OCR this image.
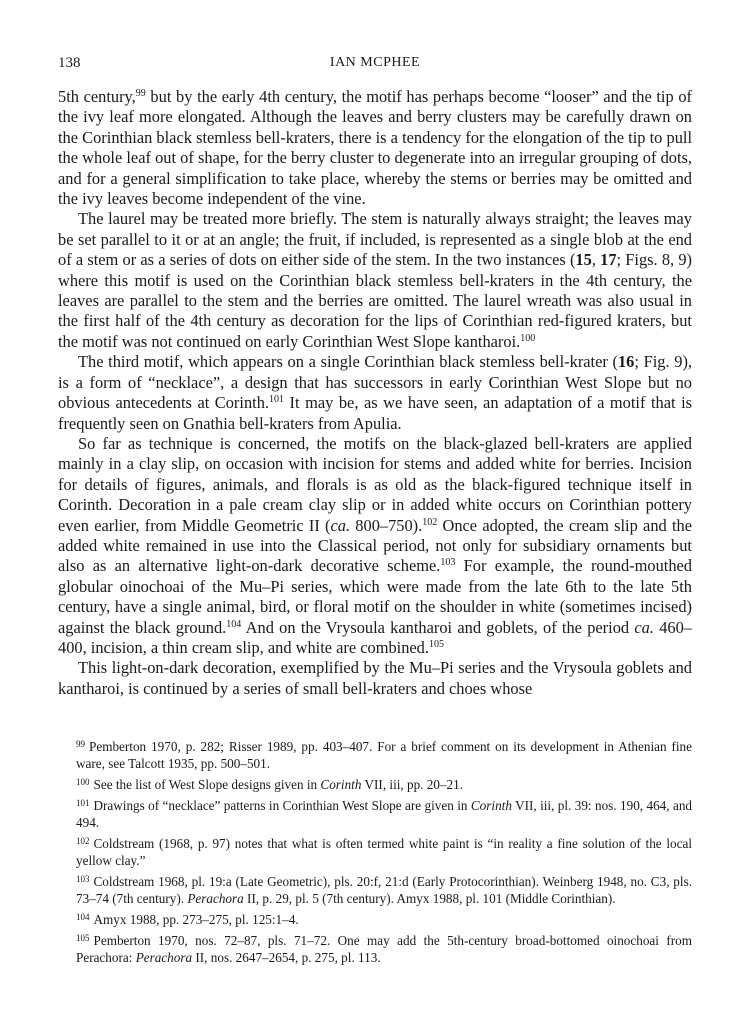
138	IAN MCPHEE

5th century,$^{99}$ but by the early 4th century, the motif has perhaps become “looser” and the tip of the ivy leaf more elongated. Although the leaves and berry clusters may be carefully drawn on the Corinthian black stemless bell-kraters, there is a tendency for the elongation of the tip to pull the whole leaf out of shape, for the berry cluster to degenerate into an irregular grouping of dots, and for a general simplification to take place, whereby the stems or berries may be omitted and the ivy leaves become independent of the vine.

The laurel may be treated more briefly. The stem is naturally always straight; the leaves may be set parallel to it or at an angle; the fruit, if included, is represented as a single blob at the end of a stem or as a series of dots on either side of the stem. In the two instances (15, 17; Figs. 8, 9) where this motif is used on the Corinthian black stemless bell-kraters in the 4th century, the leaves are parallel to the stem and the berries are omitted. The laurel wreath was also usual in the first half of the 4th century as decoration for the lips of Corinthian red-figured kraters, but the motif was not continued on early Corinthian West Slope kantharoi.$^{100}$

The third motif, which appears on a single Corinthian black stemless bell-krater (16; Fig. 9), is a form of “necklace”, a design that has successors in early Corinthian West Slope but no obvious antecedents at Corinth.$^{101}$ It may be, as we have seen, an adaptation of a motif that is frequently seen on Gnathia bell-kraters from Apulia.

So far as technique is concerned, the motifs on the black-glazed bell-kraters are applied mainly in a clay slip, on occasion with incision for stems and added white for berries. Incision for details of figures, animals, and florals is as old as the black-figured technique itself in Corinth. Decoration in a pale cream clay slip or in added white occurs on Corinthian pottery even earlier, from Middle Geometric II (ca. 800–750).$^{102}$ Once adopted, the cream slip and the added white remained in use into the Classical period, not only for subsidiary ornaments but also as an alternative light-on-dark decorative scheme.$^{103}$ For example, the round-mouthed globular oinochoai of the Mu–Pi series, which were made from the late 6th to the late 5th century, have a single animal, bird, or floral motif on the shoulder in white (sometimes incised) against the black ground.$^{104}$ And on the Vrysoula kantharoi and goblets, of the period ca. 460–400, incision, a thin cream slip, and white are combined.$^{105}$

This light-on-dark decoration, exemplified by the Mu–Pi series and the Vrysoula goblets and kantharoi, is continued by a series of small bell-kraters and choes whose

$^{99}$ Pemberton 1970, p. 282; Risser 1989, pp. 403–407. For a brief comment on its development in Athenian fine ware, see Talcott 1935, pp. 500–501.

$^{100}$ See the list of West Slope designs given in Corinth VII, iii, pp. 20–21.

$^{101}$ Drawings of “necklace” patterns in Corinthian West Slope are given in Corinth VII, iii, pl. 39: nos. 190, 464, and 494.

$^{102}$ Coldstream (1968, p. 97) notes that what is often termed white paint is “in reality a fine solution of the local yellow clay.”

$^{103}$ Coldstream 1968, pl. 19:a (Late Geometric), pls. 20:f, 21:d (Early Protocorinthian). Weinberg 1948, no. C3, pls. 73–74 (7th century). Perachora II, p. 29, pl. 5 (7th century). Amyx 1988, pl. 101 (Middle Corinthian).

$^{104}$ Amyx 1988, pp. 273–275, pl. 125:1–4.

$^{105}$ Pemberton 1970, nos. 72–87, pls. 71–72. One may add the 5th-century broad-bottomed oinochoai from Perachora: Perachora II, nos. 2647–2654, p. 275, pl. 113.
